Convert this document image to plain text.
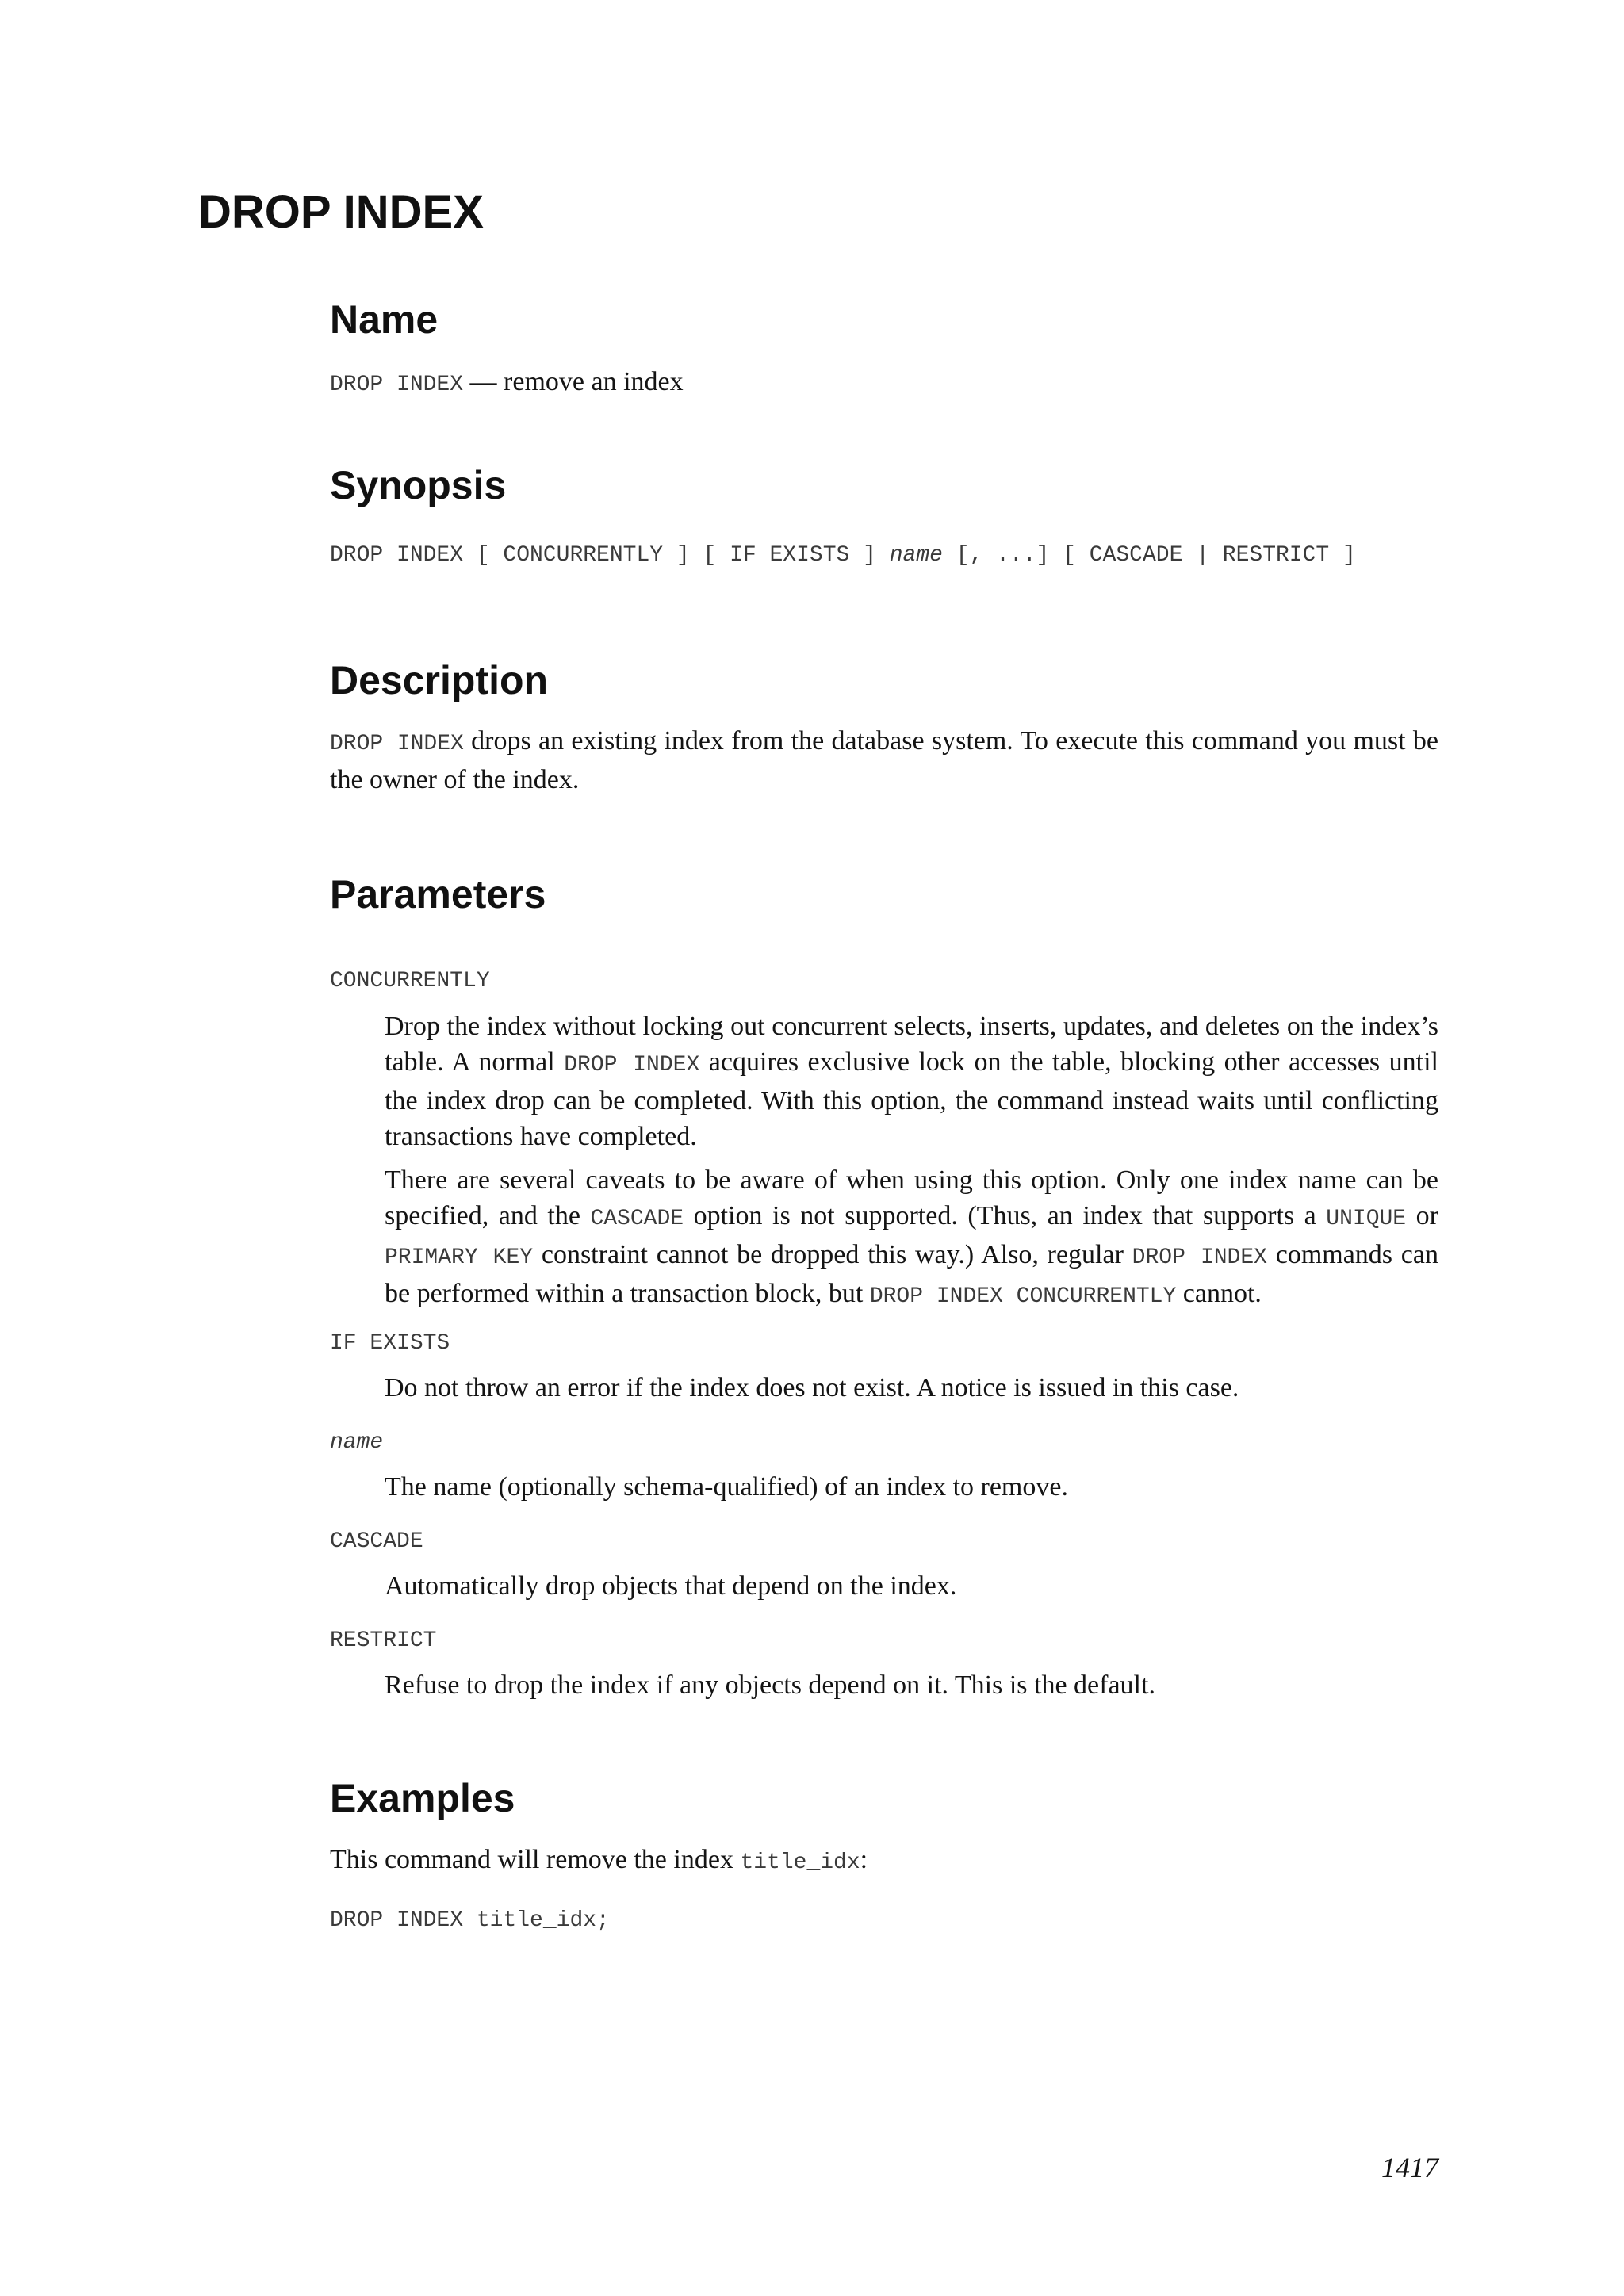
DROP INDEX
Name
DROP INDEX — remove an index
Synopsis
DROP INDEX [ CONCURRENTLY ] [ IF EXISTS ] name [, ...] [ CASCADE | RESTRICT ]
Description
DROP INDEX drops an existing index from the database system. To execute this command you must be the owner of the index.
Parameters
CONCURRENTLY
Drop the index without locking out concurrent selects, inserts, updates, and deletes on the index’s table. A normal DROP INDEX acquires exclusive lock on the table, blocking other accesses until the index drop can be completed. With this option, the command instead waits until conflicting transactions have completed.
There are several caveats to be aware of when using this option. Only one index name can be specified, and the CASCADE option is not supported. (Thus, an index that supports a UNIQUE or PRIMARY KEY constraint cannot be dropped this way.) Also, regular DROP INDEX commands can be performed within a transaction block, but DROP INDEX CONCURRENTLY cannot.
IF EXISTS
Do not throw an error if the index does not exist. A notice is issued in this case.
name
The name (optionally schema-qualified) of an index to remove.
CASCADE
Automatically drop objects that depend on the index.
RESTRICT
Refuse to drop the index if any objects depend on it. This is the default.
Examples
This command will remove the index title_idx:
DROP INDEX title_idx;
1417
